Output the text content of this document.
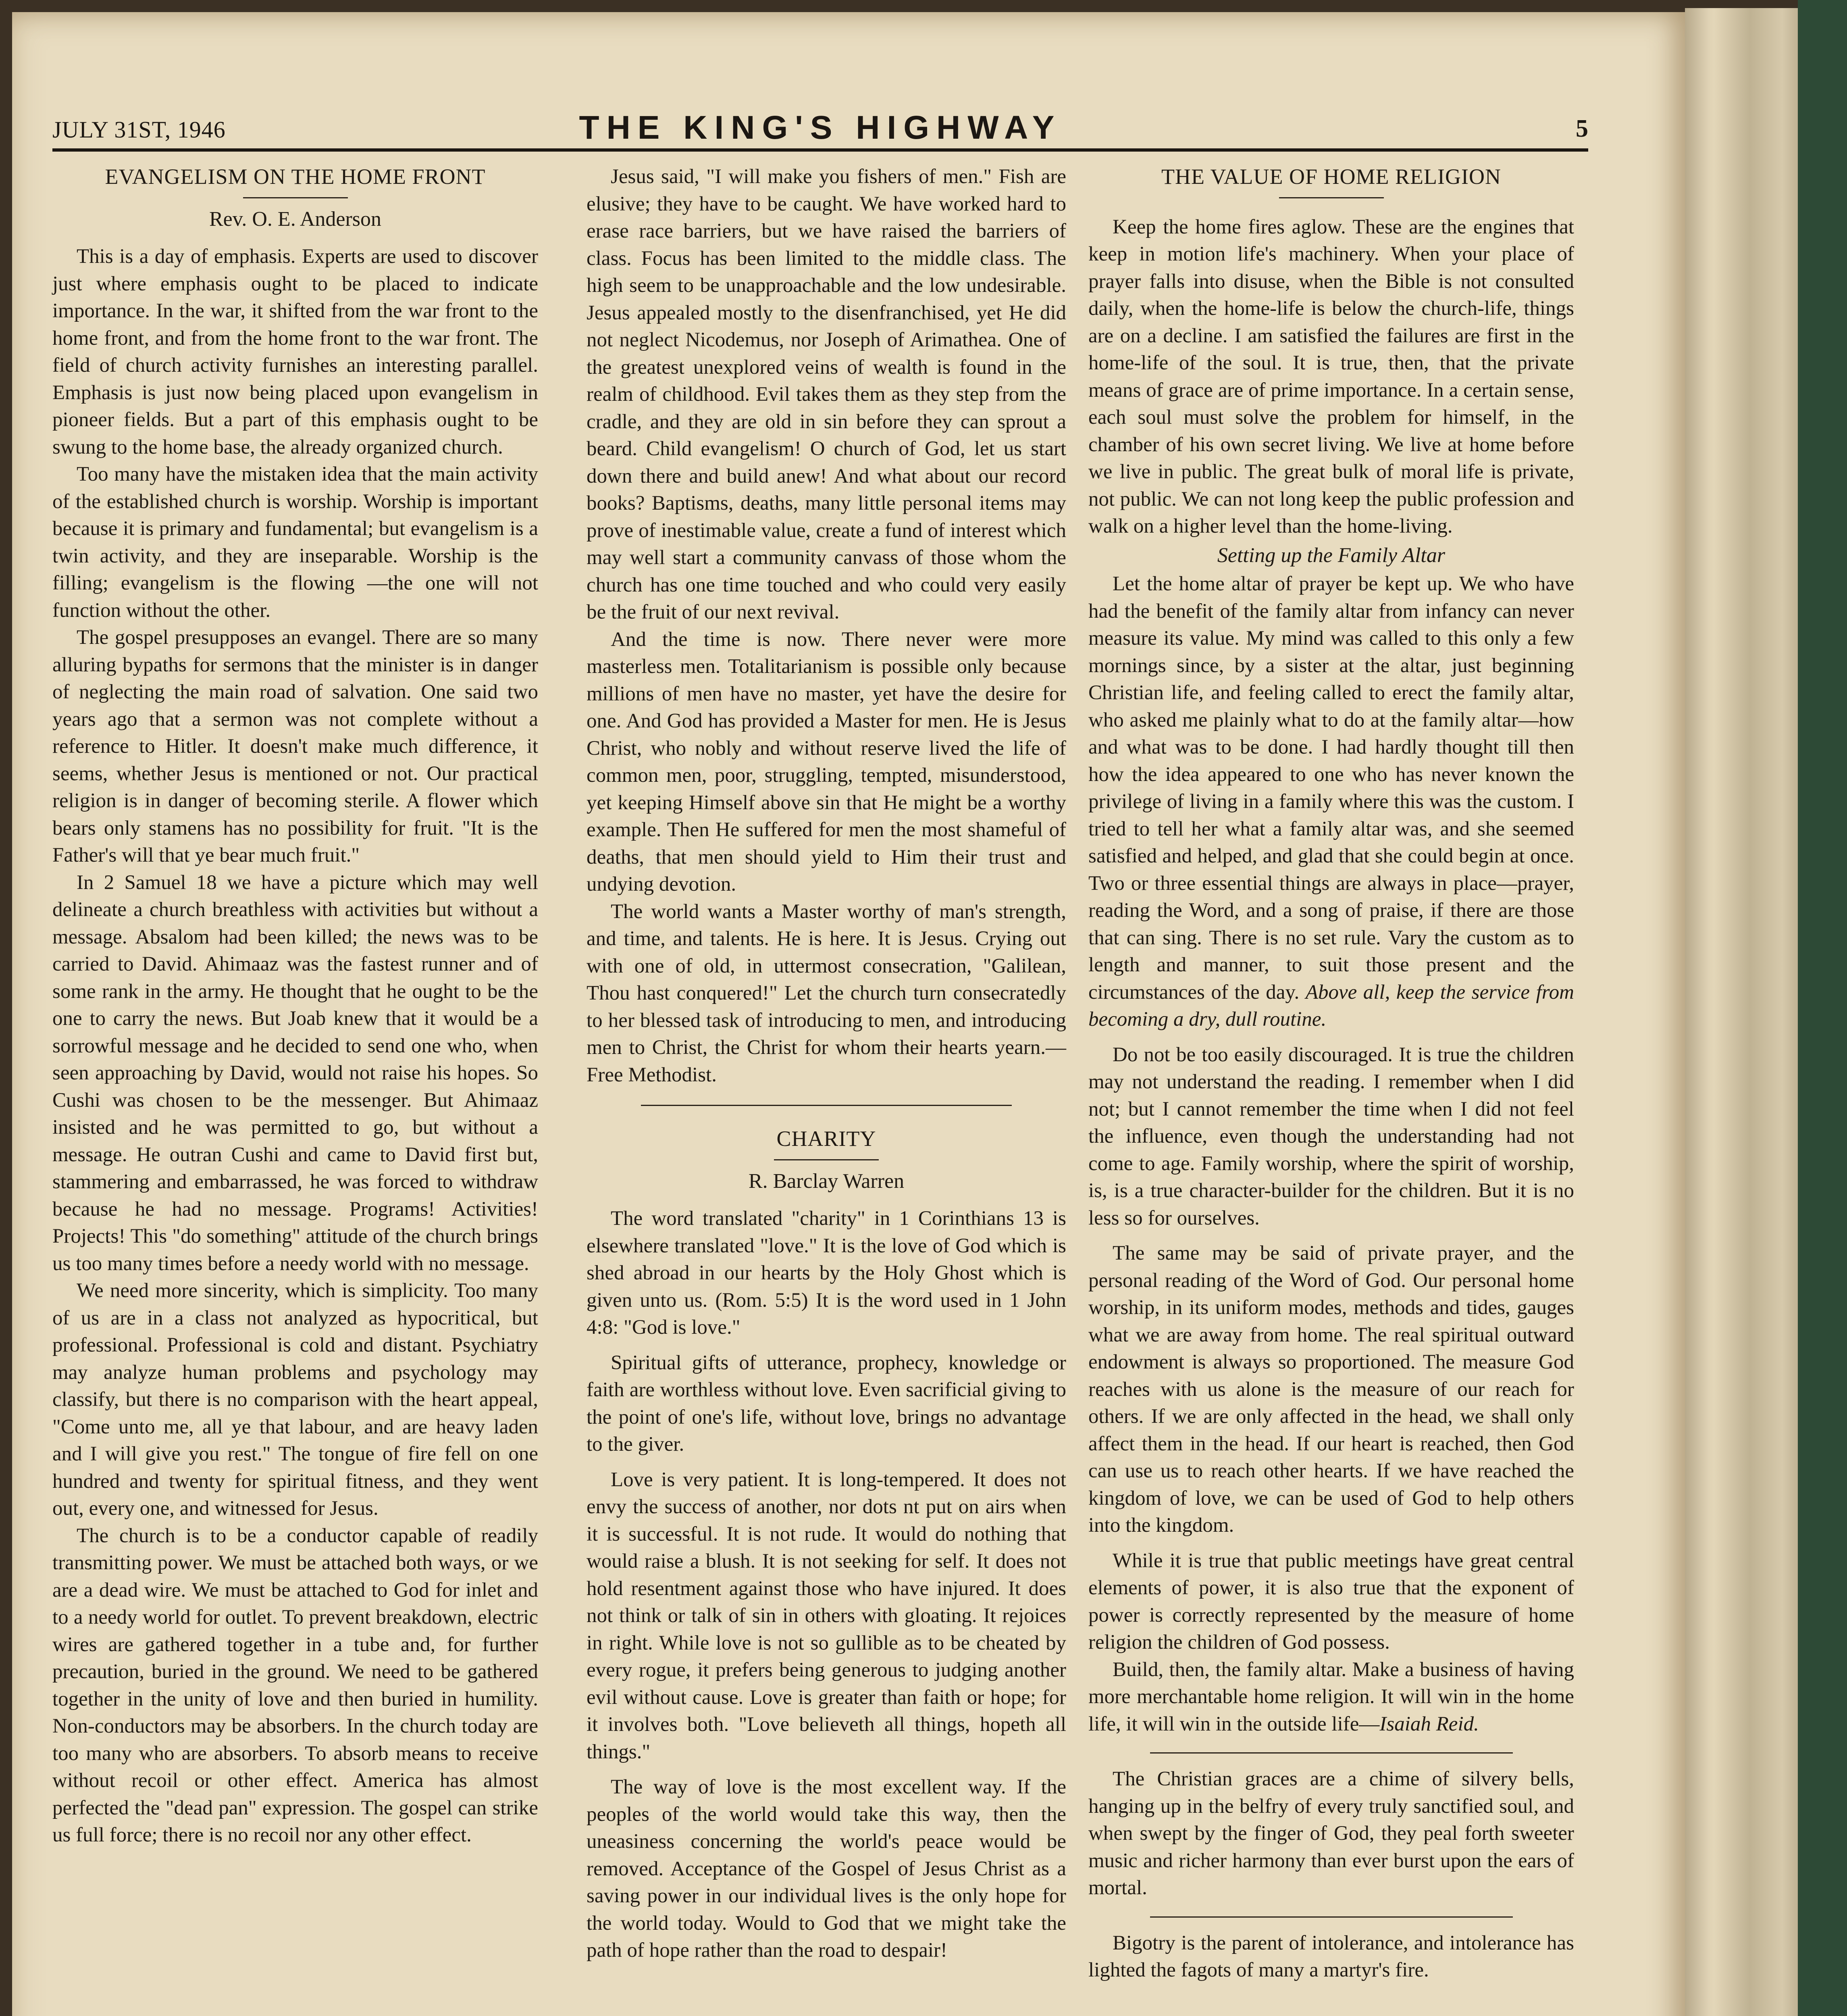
JULY 31ST, 1946	THE KING'S HIGHWAY	5
EVANGELISM ON THE HOME FRONT
Rev. O. E. Anderson

This is a day of emphasis. Experts are used to discover just where emphasis ought to be placed to indicate importance. In the war, it shifted from the war front to the home front, and from the home front to the war front. The field of church activity furnishes an interesting parallel. Emphasis is just now being placed upon evangelism in pioneer fields. But a part of this emphasis ought to be swung to the home base, the already organized church.

Too many have the mistaken idea that the main activity of the established church is worship. Worship is important because it is primary and fundamental; but evangelism is a twin activity, and they are inseparable. Worship is the filling; evangelism is the flowing —the one will not function without the other.

The gospel presupposes an evangel. There are so many alluring bypaths for sermons that the minister is in danger of neglecting the main road of salvation. One said two years ago that a sermon was not complete without a reference to Hitler. It doesn't make much difference, it seems, whether Jesus is mentioned or not. Our practical religion is in danger of becoming sterile. A flower which bears only stamens has no possibility for fruit. "It is the Father's will that ye bear much fruit."

In 2 Samuel 18 we have a picture which may well delineate a church breathless with activities but without a message. Absalom had been killed; the news was to be carried to David. Ahimaaz was the fastest runner and of some rank in the army. He thought that he ought to be the one to carry the news. But Joab knew that it would be a sorrowful message and he decided to send one who, when seen approaching by David, would not raise his hopes. So Cushi was chosen to be the messenger. But Ahimaaz insisted and he was permitted to go, but without a message. He outran Cushi and came to David first but, stammering and embarrassed, he was forced to withdraw because he had no message. Programs! Activities! Projects! This "do something" attitude of the church brings us too many times before a needy world with no message.

We need more sincerity, which is simplicity. Too many of us are in a class not analyzed as hypocritical, but professional. Professional is cold and distant. Psychiatry may analyze human problems and psychology may classify, but there is no comparison with the heart appeal, "Come unto me, all ye that labour, and are heavy laden and I will give you rest." The tongue of fire fell on one hundred and twenty for spiritual fitness, and they went out, every one, and witnessed for Jesus.

The church is to be a conductor capable of readily transmitting power. We must be attached both ways, or we are a dead wire. We must be attached to God for inlet and to a needy world for outlet. To prevent breakdown, electric wires are gathered together in a tube and, for further precaution, buried in the ground. We need to be gathered together in the unity of love and then buried in humility. Non-conductors may be absorbers. In the church today are too many who are absorbers. To absorb means to receive without recoil or other effect. America has almost perfected the "dead pan" expression. The gospel can strike us full force; there is no recoil nor any other effect.

Jesus said, "I will make you fishers of men." Fish are elusive; they have to be caught. We have worked hard to erase race barriers, but we have raised the barriers of class. Focus has been limited to the middle class. The high seem to be unapproachable and the low undesirable. Jesus appealed mostly to the disenfranchised, yet He did not neglect Nicodemus, nor Joseph of Arimathea. One of the greatest unexplored veins of wealth is found in the realm of childhood. Evil takes them as they step from the cradle, and they are old in sin before they can sprout a beard. Child evangelism! O church of God, let us start down there and build anew! And what about our record books? Baptisms, deaths, many little personal items may prove of inestimable value, create a fund of interest which may well start a community canvass of those whom the church has one time touched and who could very easily be the fruit of our next revival.

And the time is now. There never were more masterless men. Totalitarianism is possible only because millions of men have no master, yet have the desire for one. And God has provided a Master for men. He is Jesus Christ, who nobly and without reserve lived the life of common men, poor, struggling, tempted, misunderstood, yet keeping Himself above sin that He might be a worthy example. Then He suffered for men the most shameful of deaths, that men should yield to Him their trust and undying devotion.

The world wants a Master worthy of man's strength, and time, and talents. He is here. It is Jesus. Crying out with one of old, in uttermost consecration, "Galilean, Thou hast conquered!" Let the church turn consecratedly to her blessed task of introducing to men, and introducing men to Christ, the Christ for whom their hearts yearn.—Free Methodist.

CHARITY
R. Barclay Warren

The word translated "charity" in 1 Corinthians 13 is elsewhere translated "love." It is the love of God which is shed abroad in our hearts by the Holy Ghost which is given unto us. (Rom. 5:5) It is the word used in 1 John 4:8: "God is love."

Spiritual gifts of utterance, prophecy, knowledge or faith are worthless without love. Even sacrificial giving to the point of one's life, without love, brings no advantage to the giver.

Love is very patient. It is long-tempered. It does not envy the success of another, nor dots nt put on airs when it is successful. It is not rude. It would do nothing that would raise a blush. It is not seeking for self. It does not hold resentment against those who have injured. It does not think or talk of sin in others with gloating. It rejoices in right. While love is not so gullible as to be cheated by every rogue, it prefers being generous to judging another evil without cause. Love is greater than faith or hope; for it involves both. "Love believeth all things, hopeth all things."

The way of love is the most excellent way. If the peoples of the world would take this way, then the uneasiness concerning the world's peace would be removed. Acceptance of the Gospel of Jesus Christ as a saving power in our individual lives is the only hope for the world today. Would to God that we might take the path of hope rather than the road to despair!

THE VALUE OF HOME RELIGION

Keep the home fires aglow. These are the engines that keep in motion life's machinery. When your place of prayer falls into disuse, when the Bible is not consulted daily, when the home-life is below the church-life, things are on a decline. I am satisfied the failures are first in the home-life of the soul. It is true, then, that the private means of grace are of prime importance. In a certain sense, each soul must solve the problem for himself, in the chamber of his own secret living. We live at home before we live in public. The great bulk of moral life is private, not public. We can not long keep the public profession and walk on a higher level than the home-living.

Setting up the Family Altar

Let the home altar of prayer be kept up. We who have had the benefit of the family altar from infancy can never measure its value. My mind was called to this only a few mornings since, by a sister at the altar, just beginning Christian life, and feeling called to erect the family altar, who asked me plainly what to do at the family altar—how and what was to be done. I had hardly thought till then how the idea appeared to one who has never known the privilege of living in a family where this was the custom. I tried to tell her what a family altar was, and she seemed satisfied and helped, and glad that she could begin at once. Two or three essential things are always in place—prayer, reading the Word, and a song of praise, if there are those that can sing. There is no set rule. Vary the custom as to length and manner, to suit those present and the circumstances of the day. Above all, keep the service from becoming a dry, dull routine.

Do not be too easily discouraged. It is true the children may not understand the reading. I remember when I did not; but I cannot remember the time when I did not feel the influence, even though the understanding had not come to age. Family worship, where the spirit of worship, is, is a true character-builder for the children. But it is no less so for ourselves.

The same may be said of private prayer, and the personal reading of the Word of God. Our personal home worship, in its uniform modes, methods and tides, gauges what we are away from home. The real spiritual outward endowment is always so proportioned. The measure God reaches with us alone is the measure of our reach for others. If we are only affected in the head, we shall only affect them in the head. If our heart is reached, then God can use us to reach other hearts. If we have reached the kingdom of love, we can be used of God to help others into the kingdom.

While it is true that public meetings have great central elements of power, it is also true that the exponent of power is correctly represented by the measure of home religion the children of God possess.

Build, then, the family altar. Make a business of having more merchantable home religion. It will win in the home life, it will win in the outside life—Isaiah Reid.

The Christian graces are a chime of silvery bells, hanging up in the belfry of every truly sanctified soul, and when swept by the finger of God, they peal forth sweeter music and richer harmony than ever burst upon the ears of mortal.

Bigotry is the parent of intolerance, and intolerance has lighted the fagots of many a martyr's fire.
